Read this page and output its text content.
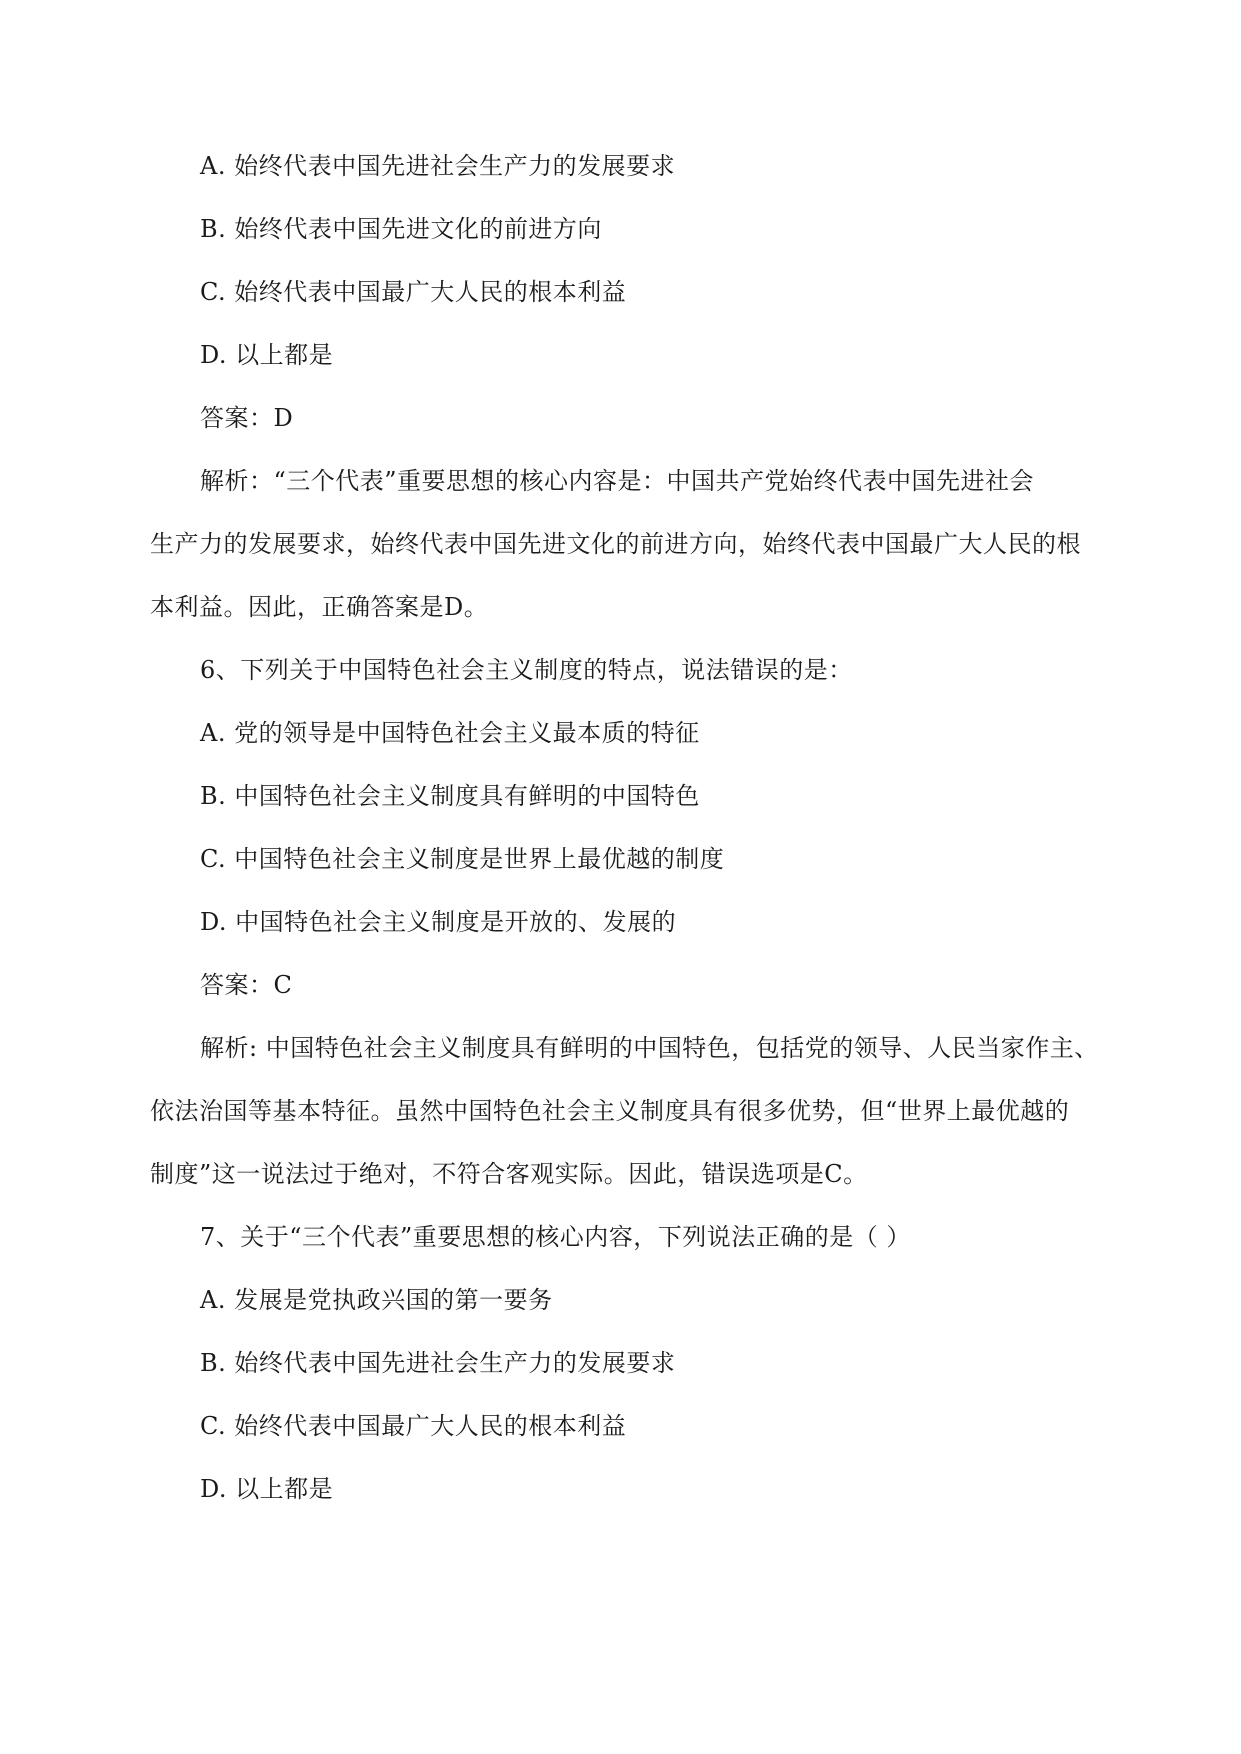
A. 始终代表中国先进社会生产力的发展要求
B. 始终代表中国先进文化的前进方向
C. 始终代表中国最广大人民的根本利益
D. 以上都是
答案：D
解析：“三个代表”重要思想的核心内容是：中国共产党始终代表中国先进社会
生产力的发展要求，始终代表中国先进文化的前进方向，始终代表中国最广大人民的根
本利益。因此，正确答案是D。
6、下列关于中国特色社会主义制度的特点，说法错误的是：
A. 党的领导是中国特色社会主义最本质的特征
B. 中国特色社会主义制度具有鲜明的中国特色
C. 中国特色社会主义制度是世界上最优越的制度
D. 中国特色社会主义制度是开放的、发展的
答案：C
解析: 中国特色社会主义制度具有鲜明的中国特色，包括党的领导、人民当家作主、
依法治国等基本特征。虽然中国特色社会主义制度具有很多优势，但“世界上最优越的
制度”这一说法过于绝对，不符合客观实际。因此，错误选项是C。
7、关于“三个代表”重要思想的核心内容，下列说法正确的是（ ）
A. 发展是党执政兴国的第一要务
B. 始终代表中国先进社会生产力的发展要求
C. 始终代表中国最广大人民的根本利益
D. 以上都是
